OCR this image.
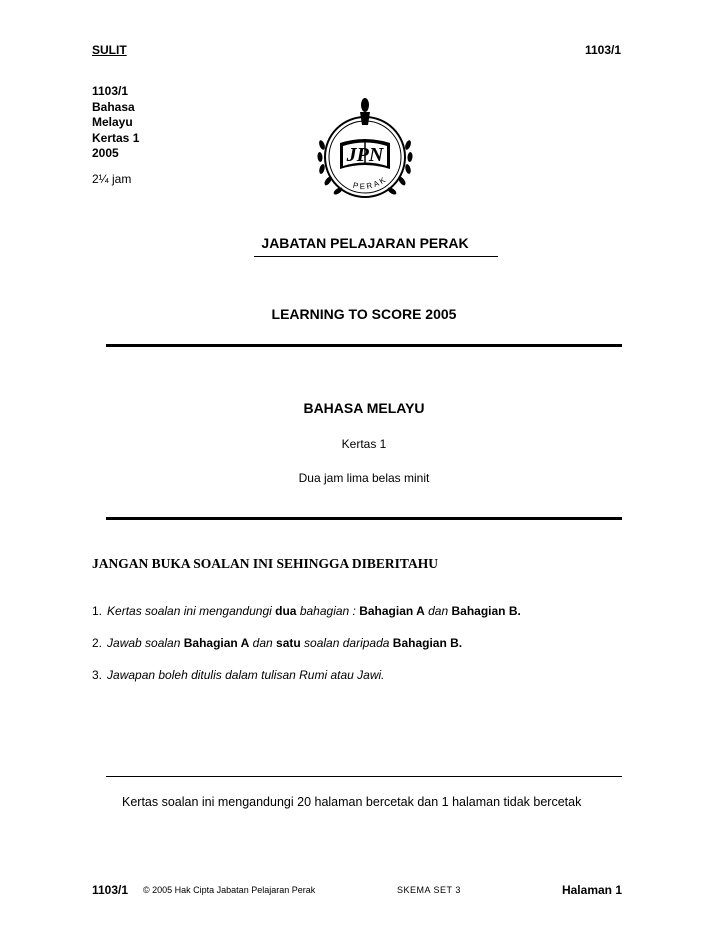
SULIT	1103/1
1103/1
Bahasa
Melayu
Kertas 1
2005
2¼ jam
JPN
PERAK
JABATAN PELAJARAN PERAK
LEARNING TO SCORE 2005
BAHASA MELAYU
Kertas 1
Dua jam lima belas minit
JANGAN BUKA SOALAN INI SEHINGGA DIBERITAHU
1. Kertas soalan ini mengandungi dua bahagian : Bahagian A dan Bahagian B.
2. Jawab soalan Bahagian A dan satu soalan daripada Bahagian B.
3. Jawapan boleh ditulis dalam tulisan Rumi atau Jawi.
Kertas soalan ini mengandungi 20 halaman bercetak dan 1 halaman tidak bercetak
1103/1 © 2005 Hak Cipta Jabatan Pelajaran Perak	SKEMA SET 3	Halaman 1
